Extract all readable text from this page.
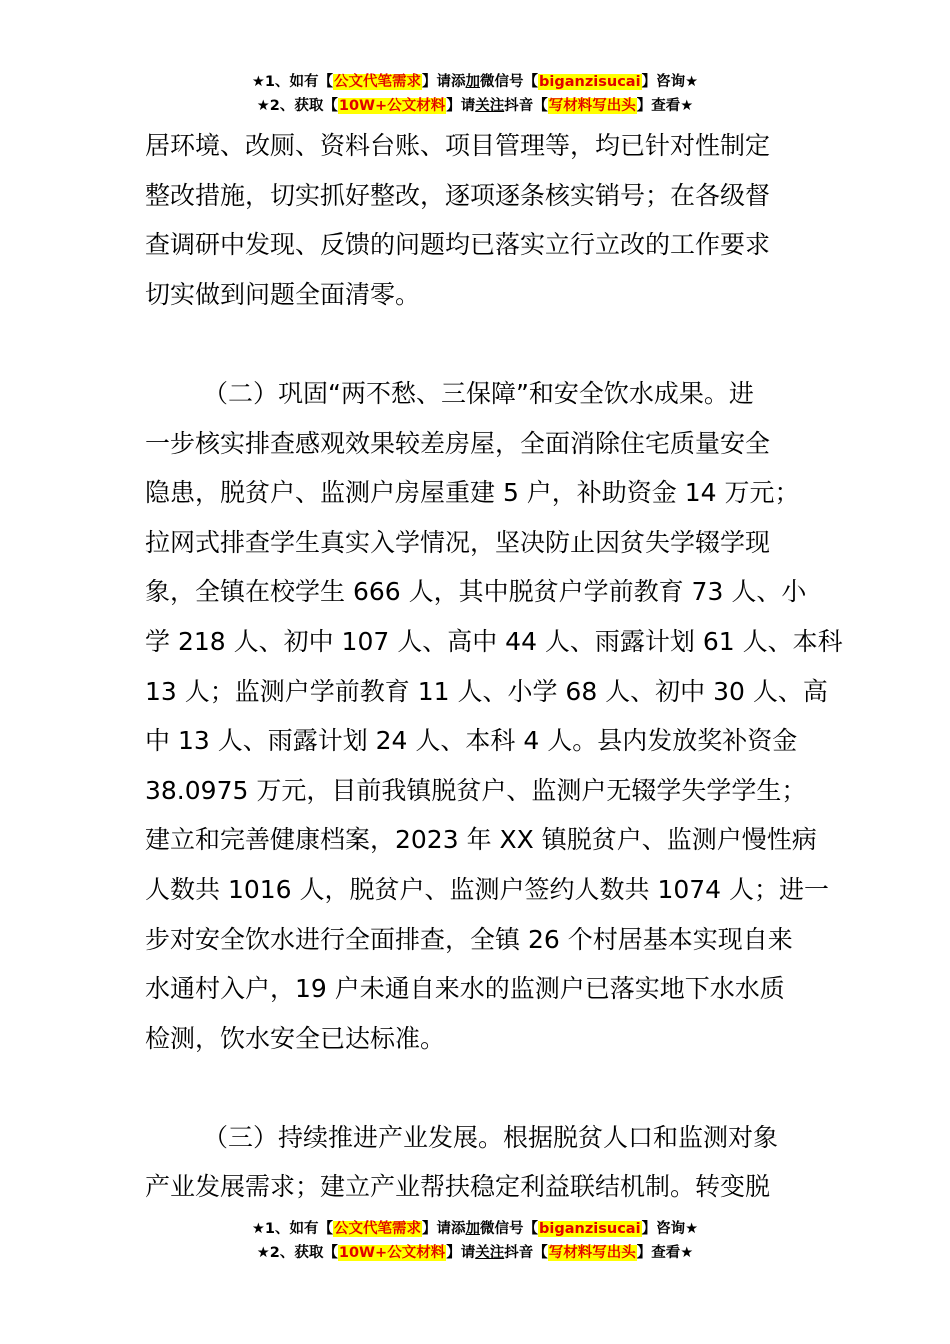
★1、如有【公文代笔需求】请添加微信号【biganzisucai】咨询★
★2、获取【10W+公文材料】请关注抖音【写材料写出头】查看★

居环境、改厕、资料台账、项目管理等，均已针对性制定

整改措施，切实抓好整改，逐项逐条核实销号；在各级督

查调研中发现、反馈的问题均已落实立行立改的工作要求

切实做到问题全面清零。

（二）巩固“两不愁、三保障”和安全饮水成果。进

一步核实排查感观效果较差房屋，全面消除住宅质量安全

隐患，脱贫户、监测户房屋重建 5 户，补助资金 14 万元；

拉网式排查学生真实入学情况，坚决防止因贫失学辍学现

象，全镇在校学生 666 人，其中脱贫户学前教育 73 人、小

学 218 人、初中 107 人、高中 44 人、雨露计划 61 人、本科

13 人；监测户学前教育 11 人、小学 68 人、初中 30 人、高

中 13 人、雨露计划 24 人、本科 4 人。县内发放奖补资金

38.0975 万元，目前我镇脱贫户、监测户无辍学失学学生；

建立和完善健康档案，2023 年 XX 镇脱贫户、监测户慢性病

人数共 1016 人，脱贫户、监测户签约人数共 1074 人；进一

步对安全饮水进行全面排查，全镇 26 个村居基本实现自来

水通村入户，19 户未通自来水的监测户已落实地下水水质

检测，饮水安全已达标准。

（三）持续推进产业发展。根据脱贫人口和监测对象

产业发展需求；建立产业帮扶稳定利益联结机制。转变脱

★1、如有【公文代笔需求】请添加微信号【biganzisucai】咨询★
★2、获取【10W+公文材料】请关注抖音【写材料写出头】查看★
